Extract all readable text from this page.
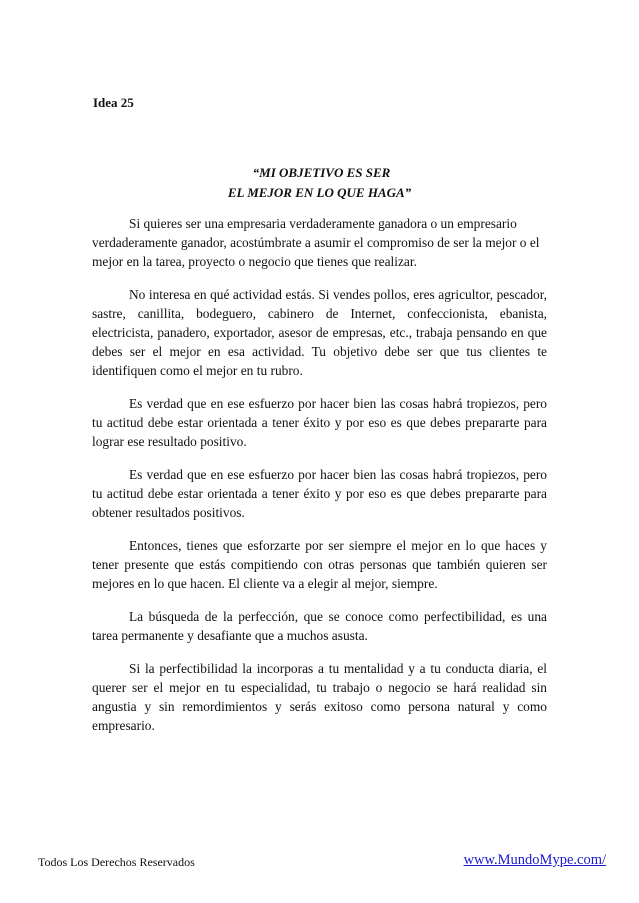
Idea 25

“MI OBJETIVO ES SER
EL MEJOR EN LO QUE HAGA”

Si quieres ser una empresaria verdaderamente ganadora o un empresario verdaderamente ganador, acostúmbrate a asumir el compromiso de ser la mejor o el mejor en la tarea, proyecto o negocio que tienes que realizar.

No interesa en qué actividad estás. Si vendes pollos, eres agricultor, pescador, sastre, canillita, bodeguero, cabinero de Internet, confeccionista, ebanista, electricista, panadero, exportador, asesor de empresas, etc., trabaja pensando en que debes ser el mejor en esa actividad. Tu objetivo debe ser que tus clientes te identifiquen como el mejor en tu rubro.

Es verdad que en ese esfuerzo por hacer bien las cosas habrá tropiezos, pero tu actitud debe estar orientada a tener éxito y por eso es que debes prepararte para lograr ese resultado positivo.

Es verdad que en ese esfuerzo por hacer bien las cosas habrá tropiezos, pero tu actitud debe estar orientada a tener éxito y por eso es que debes prepararte para obtener resultados positivos.

Entonces, tienes que esforzarte por ser siempre el mejor en lo que haces y tener presente que estás compitiendo con otras personas que también quieren ser mejores en lo que hacen. El cliente va a elegir al mejor, siempre.

La búsqueda de la perfección, que se conoce como perfectibilidad, es una tarea permanente y desafiante que a muchos asusta.

Si la perfectibilidad la incorporas a tu mentalidad y a tu conducta diaria, el querer ser el mejor en tu especialidad, tu trabajo o negocio se hará realidad sin angustia y sin remordimientos y serás exitoso como persona natural y como empresario.

Todos Los Derechos Reservados	www.MundoMype.com/
